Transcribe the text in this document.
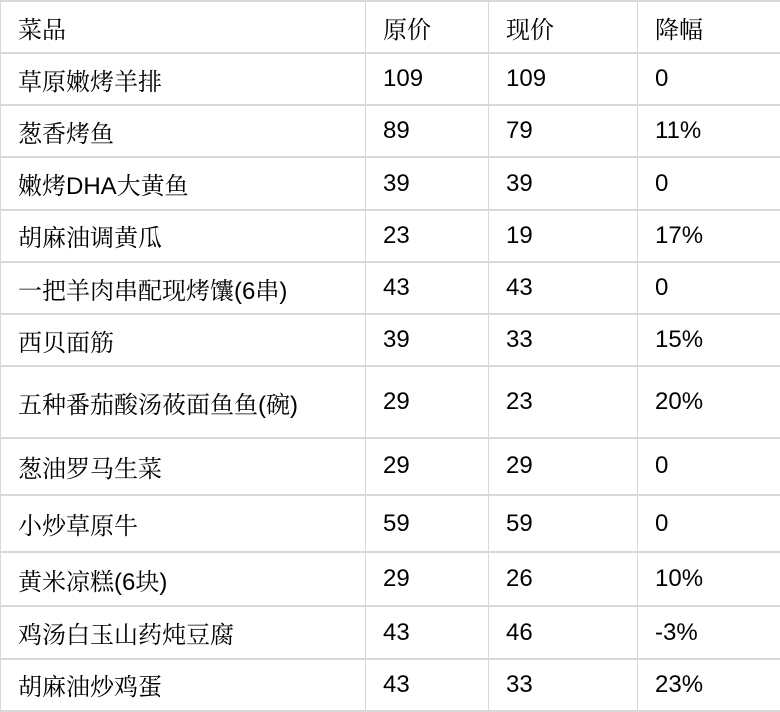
菜品	原价	现价	降幅
草原嫩烤羊排	109	109	0
葱香烤鱼	89	79	11%
嫩烤DHA大黄鱼	39	39	0
胡麻油调黄瓜	23	19	17%
一把羊肉串配现烤馕(6串)	43	43	0
西贝面筋	39	33	15%
五种番茄酸汤莜面鱼鱼(碗)	29	23	20%
葱油罗马生菜	29	29	0
小炒草原牛	59	59	0
黄米凉糕(6块)	29	26	10%
鸡汤白玉山药炖豆腐	43	46	-3%
胡麻油炒鸡蛋	43	33	23%
